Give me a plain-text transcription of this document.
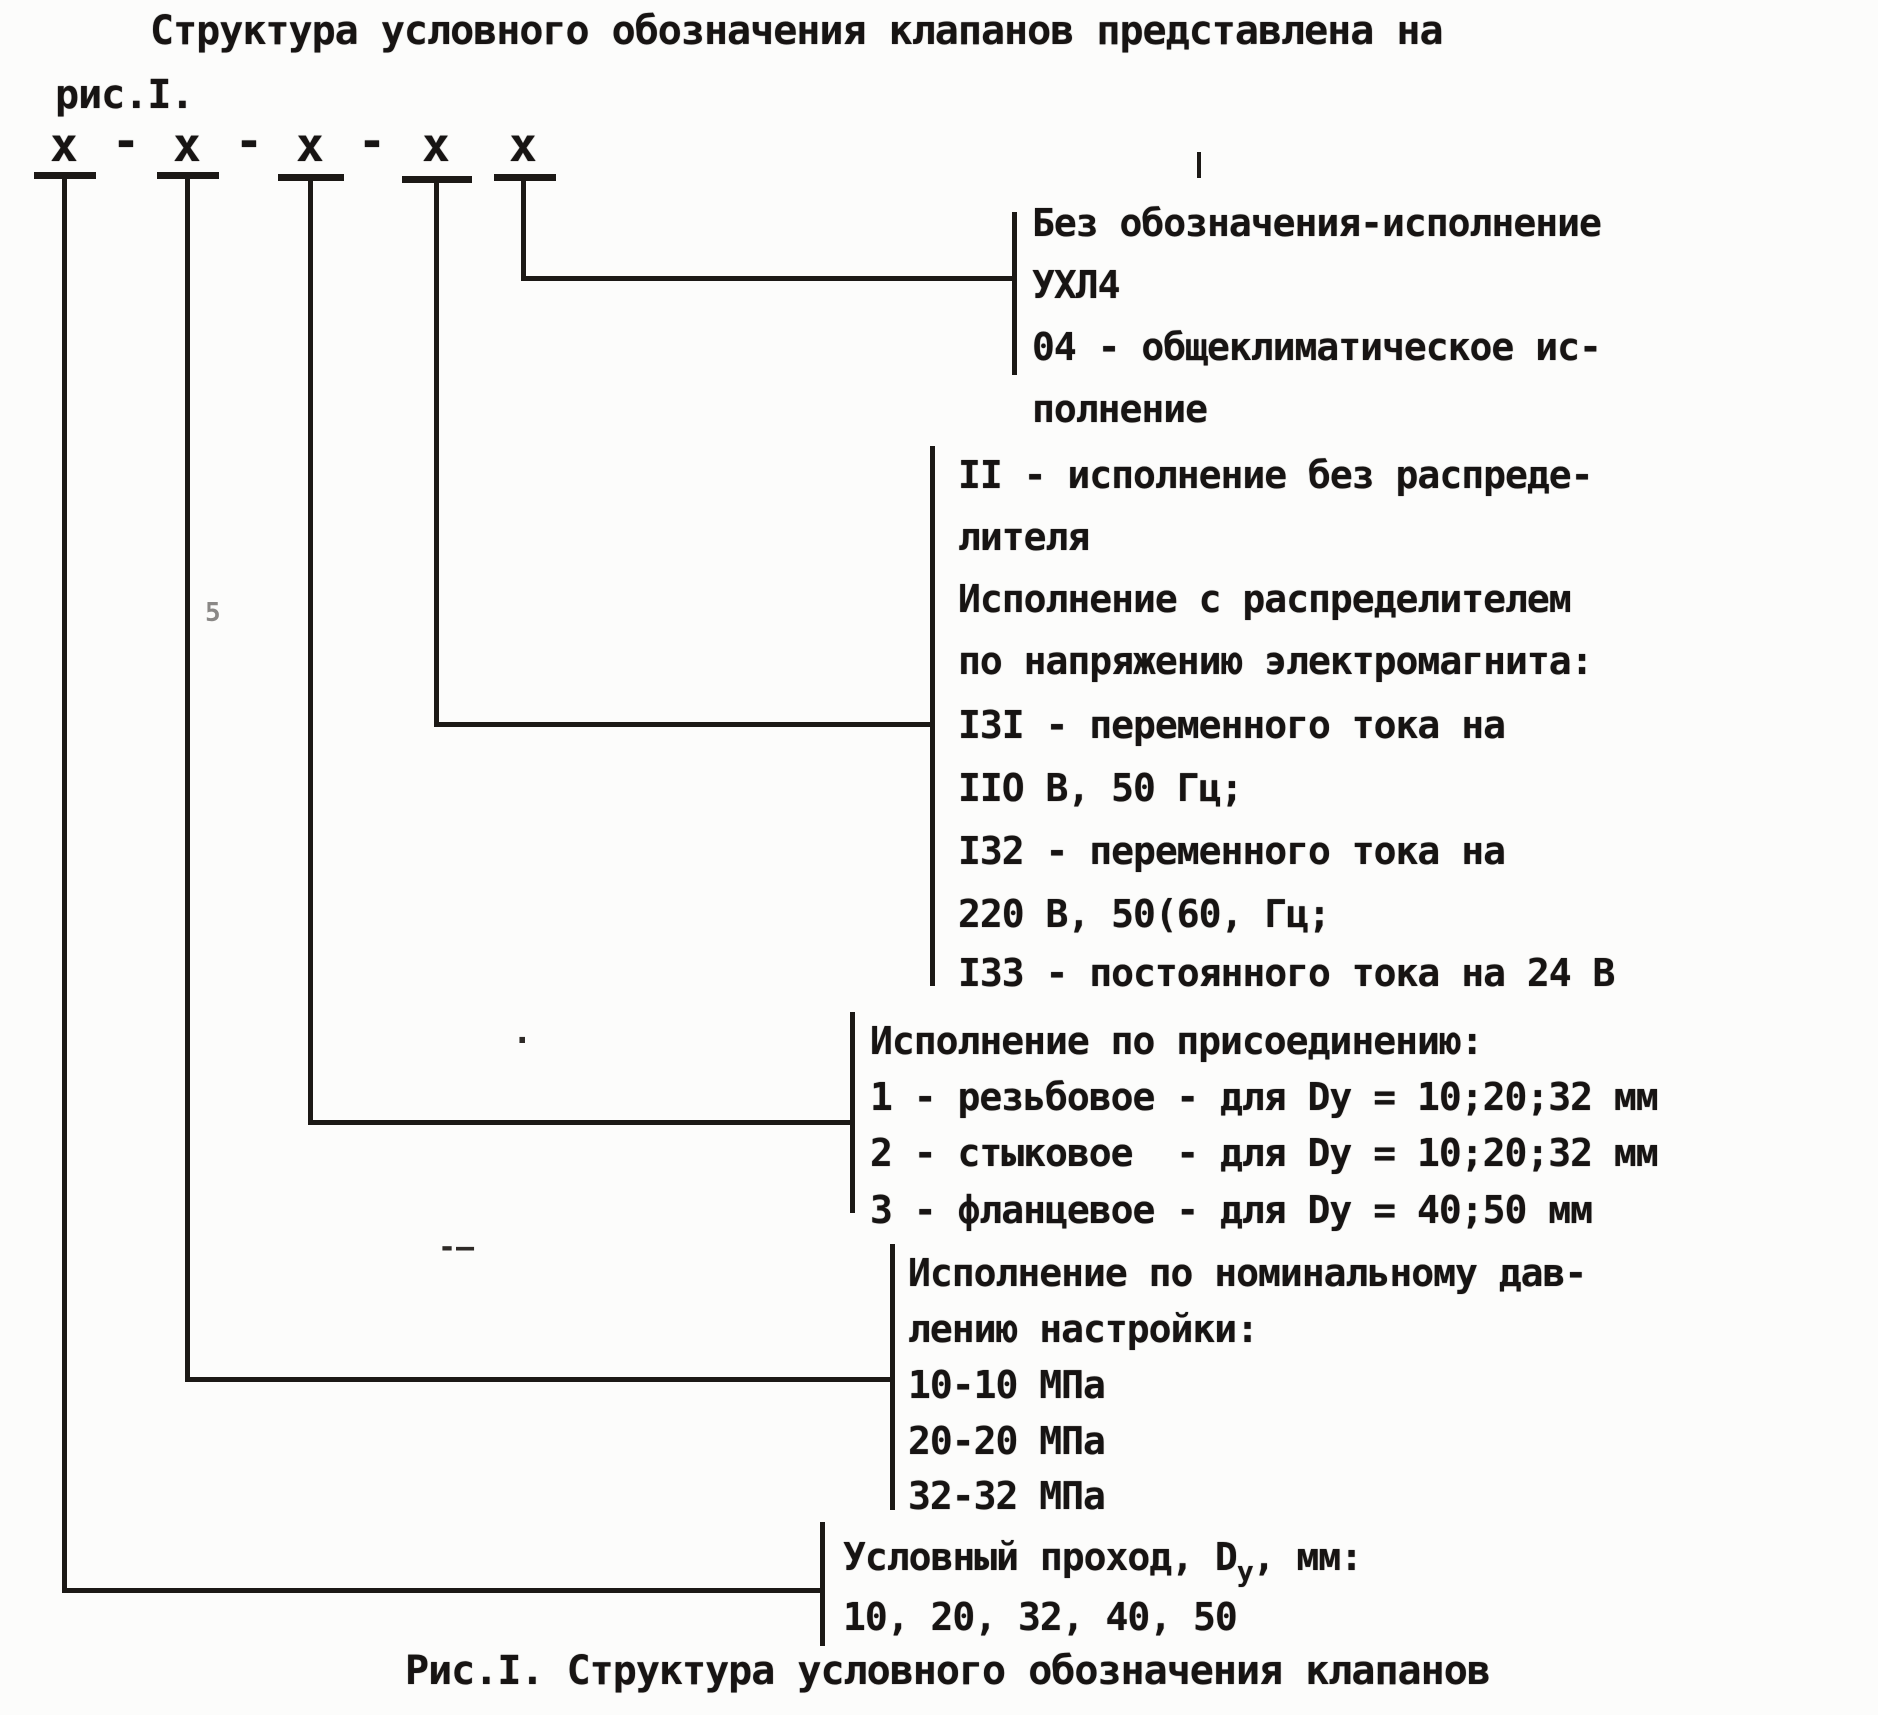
Структура условного обозначения клапанов представлена на
рис.I.
х - х - х - х х
Без обозначения-исполнение
УХЛ4
04 - общеклиматическое ис-
полнение
II - исполнение без распреде-
лителя
Исполнение с распределителем
по напряжению электромагнита:
I3I - переменного тока на
IIO В, 50 Гц;
I32 - переменного тока на
220 В, 50(60, Гц;
I33 - постоянного тока на 24 В
Исполнение по присоединению:
1 - резьбовое - для Dу = 10;20;32 мм
2 - стыковое  - для Dу = 10;20;32 мм
3 - фланцевое - для Dу = 40;50 мм
Исполнение по номинальному дав-
лению настройки:
10-10 МПа
20-20 МПа
32-32 МПа
Условный проход, $D_у$, мм:
10, 20, 32, 40, 50
Рис.I. Структура условного обозначения клапанов
5
-–
.
